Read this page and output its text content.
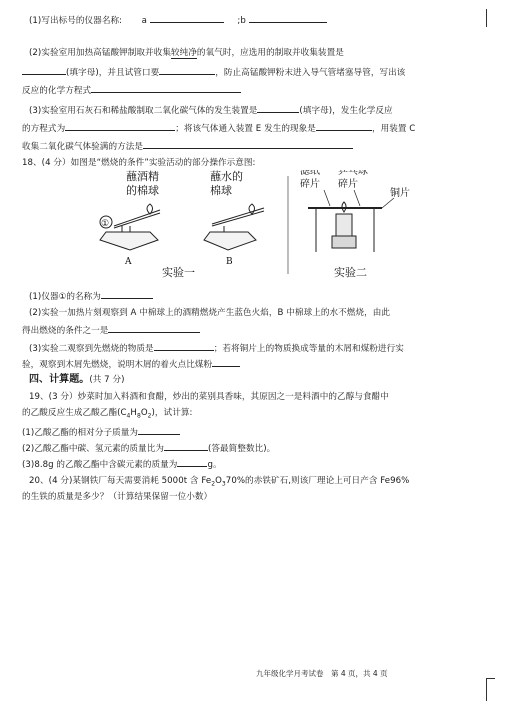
(1)写出标号的仪器名称: a	;b
(2)实验室用加热高锰酸钾制取并收集较纯净的氧气时，应选用的制取并收集装置是
(填字母)，并且试管口要	，防止高锰酸钾粉末进入导气管堵塞导管，写出该
反应的化学方程式
(3)实验室用石灰石和稀盐酸制取二氧化碳气体的发生装置是	(填字母)，发生化学反应
的方程式为	；将该气体通入装置 E 发生的现象是	，用装置 C
收集二氧化碳气体验满的方法是
18、(4 分）如图是“燃烧的条件”实验活动的部分操作示意图:
(1)仪器①的名称为
(2)实验一加热片刻观察到 A 中棉球上的酒精燃烧产生蓝色火焰，B 中棉球上的水不燃烧，由此
得出燃烧的条件之一是
(3)实验二观察到先燃烧的物质是	；若将铜片上的物质换成等量的木屑和煤粉进行实
验，观察到木屑先燃烧，说明木屑的着火点比煤粉
四、计算题。(共 7 分)
19、(3 分）炒菜时加入料酒和食醋，炒出的菜别具香味，其原因之一是料酒中的乙醇与食醋中
的乙酸反应生成乙酸乙酯$(C_4H_8O_2)$，试计算:
(1)乙酸乙酯的相对分子质量为
(2)乙酸乙酯中碳、氢元素的质量比为	(答最简整数比)。
(3)8.8g 的乙酸乙酯中含碳元素的质量为	g。
20、(4 分)某钢铁厂每天需要消耗 5000t 含 $Fe_2O_370\%$的赤铁矿石,则该厂理论上可日产含 Fe96%
的生铁的质量是多少？（计算结果保留一位小数）
蘸酒精
的棉球
蘸水的
棉球
①
A	B
滤纸
碎片
乒乓球
碎片
铜片
实验一	实验二
九年级化学月考试卷　第 4 页，共 4 页
